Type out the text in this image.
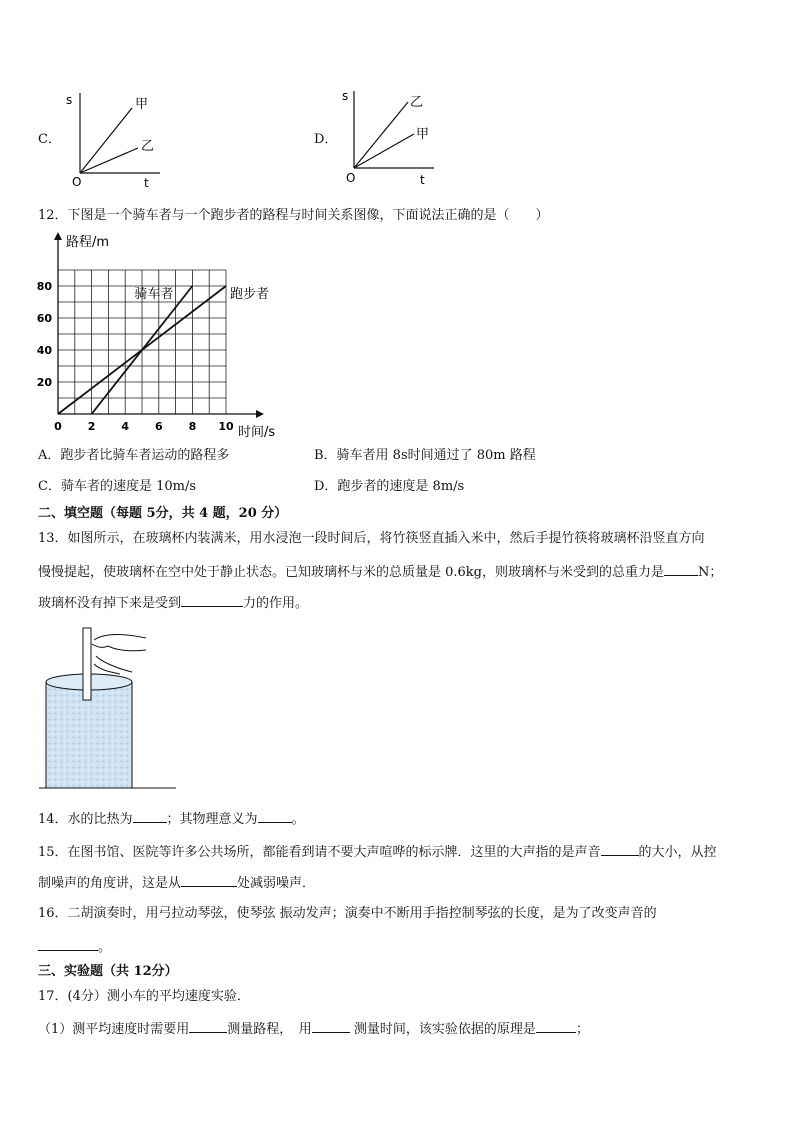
C．
s
O	t
甲
乙	D．
s
O	t
乙
甲
12．下图是一个骑车者与一个跑步者的路程与时间关系图像，下面说法正确的是（　　）
0 2 4 6 8 10
20
40
60
80
路程/m
时间/s
骑车者	跑步者
A．跑步者比骑车者运动的路程多	B．骑车者用 8s时间通过了 80m 路程
C．骑车者的速度是 10m/s	D．跑步者的速度是 8m/s
二、填空题（每题 5分，共 4 题，20 分）
13．如图所示，在玻璃杯内装满米，用水浸泡一段时间后，将竹筷竖直插入米中，然后手提竹筷将玻璃杯沿竖直方向
慢慢提起，使玻璃杯在空中处于静止状态。已知玻璃杯与米的总质量是 0.6kg，则玻璃杯与米受到的总重力是	N；
玻璃杯没有掉下来是受到	力的作用。
14．水的比热为	；其物理意义为	。
15．在图书馆、医院等许多公共场所，都能看到请不要大声喧哗的标示牌．这里的大声指的是声音	的大小，从控
制噪声的角度讲，这是从	处减弱噪声．
16．二胡演奏时，用弓拉动琴弦，使琴弦 振动发声；演奏中不断用手指控制琴弦的长度，是为了改变声音的
。
三、实验题（共 12分）
17．(4分）测小车的平均速度实验．
（1）测平均速度时需要用	测量路程，　用	测量时间，该实验依据的原理是	；
